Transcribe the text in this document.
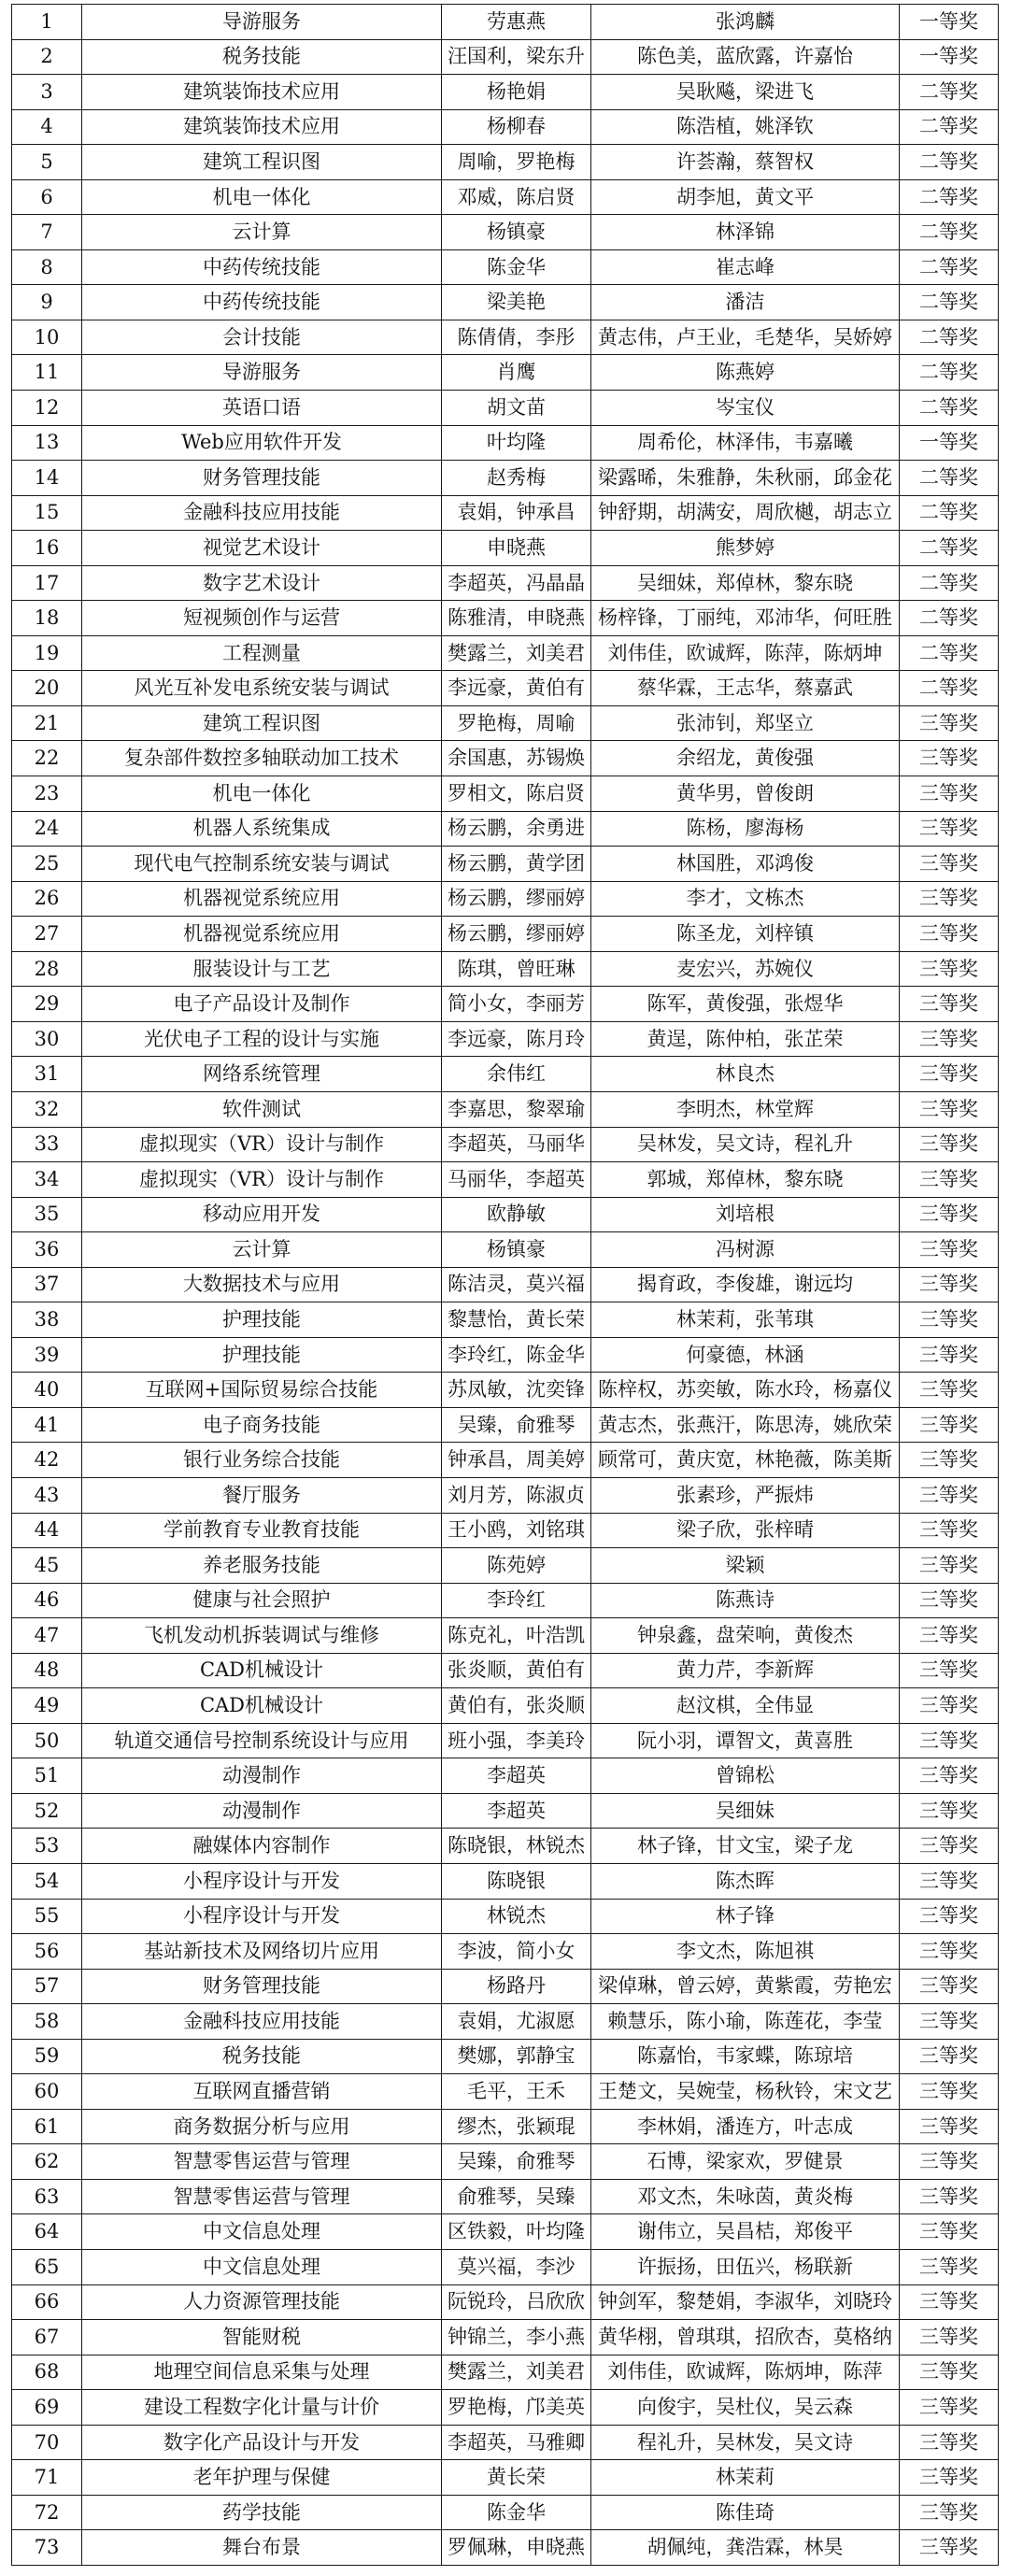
1	导游服务	劳惠燕	张鸿麟	一等奖
2	税务技能	汪国利，梁东升	陈色美，蓝欣露，许嘉怡	一等奖
3	建筑装饰技术应用	杨艳娟	吴耿飚，梁进飞	二等奖
4	建筑装饰技术应用	杨柳春	陈浩植，姚泽钦	二等奖
5	建筑工程识图	周喻，罗艳梅	许荟瀚，蔡智权	二等奖
6	机电一体化	邓威，陈启贤	胡李旭，黄文平	二等奖
7	云计算	杨镇豪	林泽锦	二等奖
8	中药传统技能	陈金华	崔志峰	二等奖
9	中药传统技能	梁美艳	潘洁	二等奖
10	会计技能	陈倩倩，李彤	黄志伟，卢王业，毛楚华，吴娇婷	二等奖
11	导游服务	肖鹰	陈燕婷	二等奖
12	英语口语	胡文苗	岑宝仪	二等奖
13	Web应用软件开发	叶均隆	周希伦，林泽伟，韦嘉曦	一等奖
14	财务管理技能	赵秀梅	梁露晞，朱雅静，朱秋丽，邱金花	二等奖
15	金融科技应用技能	袁娟，钟承昌	钟舒期，胡满安，周欣樾，胡志立	二等奖
16	视觉艺术设计	申晓燕	熊梦婷	二等奖
17	数字艺术设计	李超英，冯晶晶	吴细妹，郑倬林，黎东晓	二等奖
18	短视频创作与运营	陈雅清，申晓燕	杨梓锋，丁丽纯，邓沛华，何旺胜	二等奖
19	工程测量	樊露兰，刘美君	刘伟佳，欧诚辉，陈萍，陈炳坤	二等奖
20	风光互补发电系统安装与调试	李远豪，黄伯有	蔡华霖，王志华，蔡嘉武	二等奖
21	建筑工程识图	罗艳梅，周喻	张沛钊，郑坚立	三等奖
22	复杂部件数控多轴联动加工技术	余国惠，苏锡焕	余绍龙，黄俊强	三等奖
23	机电一体化	罗相文，陈启贤	黄华男，曾俊朗	三等奖
24	机器人系统集成	杨云鹏，余勇进	陈杨，廖海杨	三等奖
25	现代电气控制系统安装与调试	杨云鹏，黄学团	林国胜，邓鸿俊	三等奖
26	机器视觉系统应用	杨云鹏，缪丽婷	李才，文栋杰	三等奖
27	机器视觉系统应用	杨云鹏，缪丽婷	陈圣龙，刘梓镇	三等奖
28	服装设计与工艺	陈琪，曾旺琳	麦宏兴，苏婉仪	三等奖
29	电子产品设计及制作	简小女，李丽芳	陈军，黄俊强，张煜华	三等奖
30	光伏电子工程的设计与实施	李远豪，陈月玲	黄逞，陈仲柏，张芷荣	三等奖
31	网络系统管理	余伟红	林良杰	三等奖
32	软件测试	李嘉思，黎翠瑜	李明杰，林堂辉	三等奖
33	虚拟现实（VR）设计与制作	李超英，马丽华	吴林发，吴文诗，程礼升	三等奖
34	虚拟现实（VR）设计与制作	马丽华，李超英	郭城，郑倬林，黎东晓	三等奖
35	移动应用开发	欧静敏	刘培根	三等奖
36	云计算	杨镇豪	冯树源	三等奖
37	大数据技术与应用	陈洁灵，莫兴福	揭育政，李俊雄，谢远均	三等奖
38	护理技能	黎慧怡，黄长荣	林茉莉，张苇琪	三等奖
39	护理技能	李玲红，陈金华	何豪德，林涵	三等奖
40	互联网+国际贸易综合技能	苏凤敏，沈奕锋	陈梓权，苏奕敏，陈水玲，杨嘉仪	三等奖
41	电子商务技能	吴臻，俞雅琴	黄志杰，张燕汗，陈思涛，姚欣荣	三等奖
42	银行业务综合技能	钟承昌，周美婷	顾常可，黄庆宽，林艳薇，陈美斯	三等奖
43	餐厅服务	刘月芳，陈淑贞	张素珍，严振炜	三等奖
44	学前教育专业教育技能	王小鸥，刘铭琪	梁子欣，张梓晴	三等奖
45	养老服务技能	陈苑婷	梁颖	三等奖
46	健康与社会照护	李玲红	陈燕诗	三等奖
47	飞机发动机拆装调试与维修	陈克礼，叶浩凯	钟泉鑫，盘荣响，黄俊杰	三等奖
48	CAD机械设计	张炎顺，黄伯有	黄力芹，李新辉	三等奖
49	CAD机械设计	黄伯有，张炎顺	赵汶棋，全伟显	三等奖
50	轨道交通信号控制系统设计与应用	班小强，李美玲	阮小羽，谭智文，黄喜胜	三等奖
51	动漫制作	李超英	曾锦松	三等奖
52	动漫制作	李超英	吴细妹	三等奖
53	融媒体内容制作	陈晓银，林锐杰	林子锋，甘文宝，梁子龙	三等奖
54	小程序设计与开发	陈晓银	陈杰晖	三等奖
55	小程序设计与开发	林锐杰	林子锋	三等奖
56	基站新技术及网络切片应用	李波，简小女	李文杰，陈旭祺	三等奖
57	财务管理技能	杨路丹	梁倬琳，曾云婷，黄紫霞，劳艳宏	三等奖
58	金融科技应用技能	袁娟，尤淑愿	赖慧乐，陈小瑜，陈莲花，李莹	三等奖
59	税务技能	樊娜，郭静宝	陈嘉怡，韦家蝶，陈琼培	三等奖
60	互联网直播营销	毛平，王禾	王楚文，吴婉莹，杨秋铃，宋文艺	三等奖
61	商务数据分析与应用	缪杰，张颖琨	李林娟，潘连方，叶志成	三等奖
62	智慧零售运营与管理	吴臻，俞雅琴	石博，梁家欢，罗健景	三等奖
63	智慧零售运营与管理	俞雅琴，吴臻	邓文杰，朱咏茵，黄炎梅	三等奖
64	中文信息处理	区铁毅，叶均隆	谢伟立，吴昌桔，郑俊平	三等奖
65	中文信息处理	莫兴福，李沙	许振扬，田伍兴，杨联新	三等奖
66	人力资源管理技能	阮锐玲，吕欣欣	钟剑军，黎楚娟，李淑华，刘晓玲	三等奖
67	智能财税	钟锦兰，李小燕	黄华栩，曾琪琪，招欣杏，莫格纳	三等奖
68	地理空间信息采集与处理	樊露兰，刘美君	刘伟佳，欧诚辉，陈炳坤，陈萍	三等奖
69	建设工程数字化计量与计价	罗艳梅，邝美英	向俊宇，吴杜仪，吴云森	三等奖
70	数字化产品设计与开发	李超英，马雅卿	程礼升，吴林发，吴文诗	三等奖
71	老年护理与保健	黄长荣	林茉莉	三等奖
72	药学技能	陈金华	陈佳琦	三等奖
73	舞台布景	罗佩琳，申晓燕	胡佩纯，龚浩霖，林昊	三等奖
